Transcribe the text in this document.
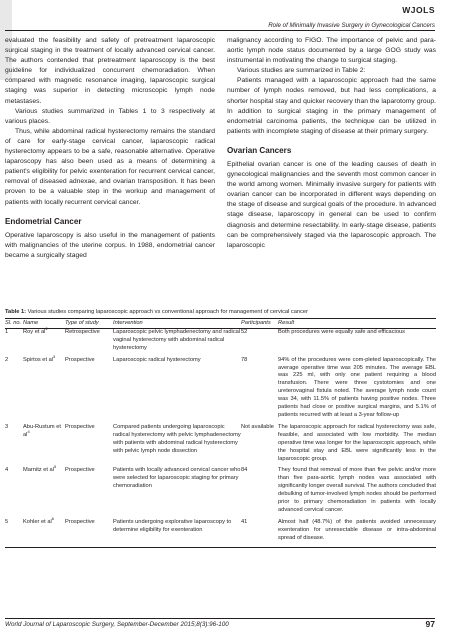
WJOLS
Role of Minimally Invasive Surgery in Gynecological Cancers

evaluated the feasibility and safety of pretreatment laparoscopic surgical staging in the treatment of locally advanced cervical cancer. The authors contended that pretreatment laparoscopy is the best guideline for individualized concurrent chemoradiation. When compared with magnetic resonance imaging, laparoscopic surgical staging was superior in detecting microscopic lymph node metastases.

Various studies summarized in Tables 1 to 3 respectively at various places.

Thus, while abdominal radical hysterectomy remains the standard of care for early-stage cervical cancer, laparoscopic radical hysterectomy appears to be a safe, reasonable alternative. Operative laparoscopy has also been used as a means of determining a patient's eligibility for pelvic exenteration for recurrent cervical cancer, removal of diseased adnexae, and ovarian transposition. It has been proven to be a valuable step in the workup and management of patients with locally recurrent cervical cancer.

Endometrial Cancer

Operative laparoscopy is also useful in the management of patients with malignancies of the uterine corpus. In 1988, endometrial cancer became a surgically staged

malignancy according to FIGO. The importance of pelvic and para-aortic lymph node status documented by a large GOG study was instrumental in motivating the change to surgical staging.

Various studies are summarized in Table 2:

Patients managed with a laparoscopic approach had the same number of lymph nodes removed, but had less complications, a shorter hospital stay and quicker recovery than the laparotomy group. In addition to surgical staging in the primary management of endometrial carcinoma patients, the technique can be utilized in patients with incomplete staging of disease at their primary surgery.

Ovarian Cancers

Epithelial ovarian cancer is one of the leading causes of death in gynecological malignancies and the seventh most common cancer in the world among women. Minimally invasive surgery for patients with ovarian cancer can be incorporated in different ways depending on the stage of disease and surgical goals of the procedure. In advanced stage disease, laparoscopy in general can be used to confirm diagnosis and determine resectability. In early-stage disease, patients can be comprehensively staged via the laparoscopic approach. The laparoscopic

Table 1: Various studies comparing laparoscopic approach vs conventional approach for management of cervical cancer
Sl. no.	Name	Type of study	Intervention	Participants	Result
1	Roy et $al^2$	Retrospective	Laparoscopic pelvic lymphadenectomy and radical vaginal hysterectomy with abdominal radical hysterectomy	52	Both procedures were equally safe and efficacious
2	Spirtos et $al^3$	Prospective	Laparoscopic radical hysterectomy	78	94% of the procedures were com-pleted laparoscopically. The average operative time was 205 minutes. The average EBL was 225 ml, with only one patient requiring a blood transfusion. There were three cystotomies and one ureterovaginal fistula noted. The average lymph node count was 34, with 11.5% of patients having positive nodes. Three patients had close or positive surgical margins, and 5.1% of patients recurred with at least a 3-year follow-up
3	Abu-Rustum et $al^4$	Prospective	Compared patients undergoing laparoscopic radical hysterectomy with pelvic lymphadenectomy with patients with abdominal radical hysterectomy with pelvic lymph node dissection	Not available	The laparoscopic approach for radical hysterectomy was safe, feasible, and associated with low morbidity. The median operative time was longer for the laparoscopic approach, while the hospital stay and EBL were significantly less in the laparoscopic group.
4	Marnitz et $al^5$	Prospective	Patients with locally advanced cervical cancer who were selected for laparoscopic staging for primary chemoradiation	84	They found that removal of more than five pelvic and/or more than five para-aortic lymph nodes was associated with significantly longer overall survival. The authors concluded that debulking of tumor-involved lymph nodes should be performed prior to primary chemoradiation in patients with locally advanced cervical cancer.
5	Kohler et $al^6$	Prospective	Patients undergoing explorative laparoscopy to determine eligibility for exenteration	41	Almost half (48.7%) of the patients avoided unnecessary exenteration for unresectable disease or intra-abdominal spread of disease.
World Journal of Laparoscopic Surgery, September-December 2015;8(3):96-100	97
